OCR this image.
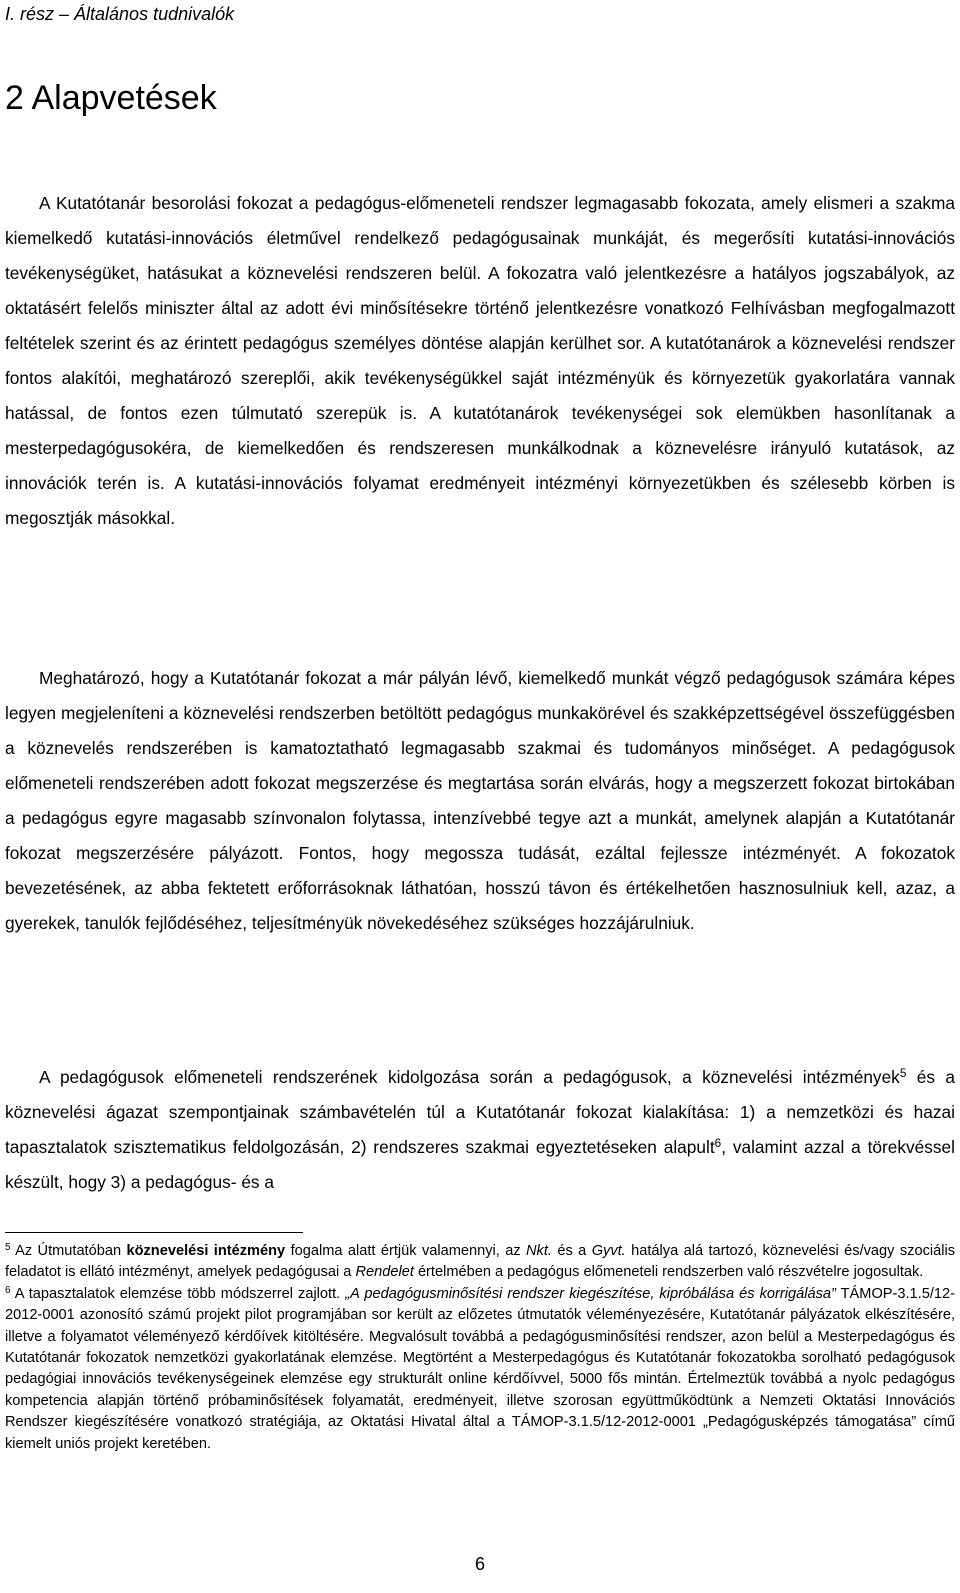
I. rész – Általános tudnivalók
2 Alapvetések

A Kutatótanár besorolási fokozat a pedagógus-előmeneteli rendszer legmagasabb fokozata, amely elismeri a szakma kiemelkedő kutatási-innovációs életművel rendelkező pedagógusainak munkáját, és megerősíti kutatási-innovációs tevékenységüket, hatásukat a köznevelési rendszeren belül. A fokozatra való jelentkezésre a hatályos jogszabályok, az oktatásért felelős miniszter által az adott évi minősítésekre történő jelentkezésre vonatkozó Felhívásban megfogalmazott feltételek szerint és az érintett pedagógus személyes döntése alapján kerülhet sor. A kutatótanárok a köznevelési rendszer fontos alakítói, meghatározó szereplői, akik tevékenységükkel saját intézményük és környezetük gyakorlatára vannak hatással, de fontos ezen túlmutató szerepük is. A kutatótanárok tevékenységei sok elemükben hasonlítanak a mesterpedagógusokéra, de kiemelkedően és rendszeresen munkálkodnak a köznevelésre irányuló kutatások, az innovációk terén is. A kutatási-innovációs folyamat eredményeit intézményi környezetükben és szélesebb körben is megosztják másokkal.

Meghatározó, hogy a Kutatótanár fokozat a már pályán lévő, kiemelkedő munkát végző pedagógusok számára képes legyen megjeleníteni a köznevelési rendszerben betöltött pedagógus munkakörével és szakképzettségével összefüggésben a köznevelés rendszerében is kamatoztatható legmagasabb szakmai és tudományos minőséget. A pedagógusok előmeneteli rendszerében adott fokozat megszerzése és megtartása során elvárás, hogy a megszerzett fokozat birtokában a pedagógus egyre magasabb színvonalon folytassa, intenzívebbé tegye azt a munkát, amelynek alapján a Kutatótanár fokozat megszerzésére pályázott. Fontos, hogy megossza tudását, ezáltal fejlessze intézményét. A fokozatok bevezetésének, az abba fektetett erőforrásoknak láthatóan, hosszú távon és értékelhetően hasznosulniuk kell, azaz, a gyerekek, tanulók fejlődéséhez, teljesítményük növekedéséhez szükséges hozzájárulniuk.

A pedagógusok előmeneteli rendszerének kidolgozása során a pedagógusok, a köznevelési intézmények$^5$ és a köznevelési ágazat szempontjainak számbavételén túl a Kutatótanár fokozat kialakítása: 1) a nemzetközi és hazai tapasztalatok szisztematikus feldolgozásán, 2) rendszeres szakmai egyeztetéseken alapult$^6$, valamint azzal a törekvéssel készült, hogy 3) a pedagógus- és a

$^5$ Az Útmutatóban köznevelési intézmény fogalma alatt értjük valamennyi, az Nkt. és a Gyvt. hatálya alá tartozó, köznevelési és/vagy szociális feladatot is ellátó intézményt, amelyek pedagógusai a Rendelet értelmében a pedagógus előmeneteli rendszerben való részvételre jogosultak.

$^6$ A tapasztalatok elemzése több módszerrel zajlott. „A pedagógusminősítési rendszer kiegészítése, kipróbálása és korrigálása” TÁMOP-3.1.5/12-2012-0001 azonosító számú projekt pilot programjában sor került az előzetes útmutatók véleményezésére, Kutatótanár pályázatok elkészítésére, illetve a folyamatot véleményező kérdőívek kitöltésére. Megvalósult továbbá a pedagógusminősítési rendszer, azon belül a Mesterpedagógus és Kutatótanár fokozatok nemzetközi gyakorlatának elemzése. Megtörtént a Mesterpedagógus és Kutatótanár fokozatokba sorolható pedagógusok pedagógiai innovációs tevékenységeinek elemzése egy strukturált online kérdőívvel, 5000 fős mintán. Értelmeztük továbbá a nyolc pedagógus kompetencia alapján történő próbaminősítések folyamatát, eredményeit, illetve szorosan együttműködtünk a Nemzeti Oktatási Innovációs Rendszer kiegészítésére vonatkozó stratégiája, az Oktatási Hivatal által a TÁMOP-3.1.5/12-2012-0001 „Pedagógusképzés támogatása” című kiemelt uniós projekt keretében.

6
